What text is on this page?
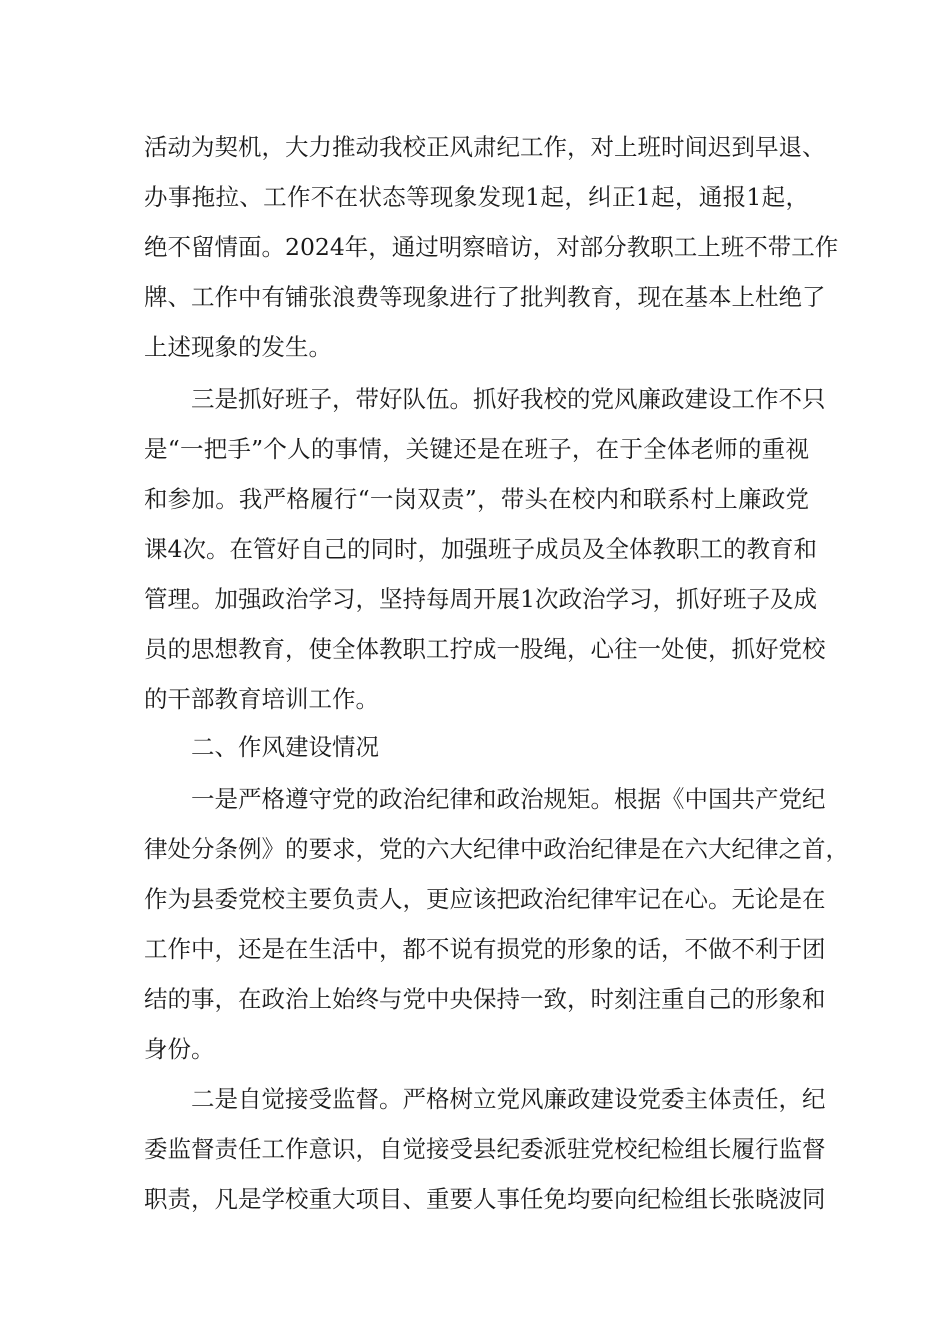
活动为契机，大力推动我校正风肃纪工作，对上班时间迟到早退、
办事拖拉、工作不在状态等现象发现1起，纠正1起，通报1起，
绝不留情面。2024年，通过明察暗访，对部分教职工上班不带工作
牌、工作中有铺张浪费等现象进行了批判教育，现在基本上杜绝了
上述现象的发生。
三是抓好班子，带好队伍。抓好我校的党风廉政建设工作不只
是“一把手”个人的事情，关键还是在班子，在于全体老师的重视
和参加。我严格履行“一岗双责”，带头在校内和联系村上廉政党
课4次。在管好自己的同时，加强班子成员及全体教职工的教育和
管理。加强政治学习，坚持每周开展1次政治学习，抓好班子及成
员的思想教育，使全体教职工拧成一股绳，心往一处使，抓好党校
的干部教育培训工作。
二、作风建设情况
一是严格遵守党的政治纪律和政治规矩。根据《中国共产党纪
律处分条例》的要求，党的六大纪律中政治纪律是在六大纪律之首，
作为县委党校主要负责人，更应该把政治纪律牢记在心。无论是在
工作中，还是在生活中，都不说有损党的形象的话，不做不利于团
结的事，在政治上始终与党中央保持一致，时刻注重自己的形象和
身份。
二是自觉接受监督。严格树立党风廉政建设党委主体责任，纪
委监督责任工作意识，自觉接受县纪委派驻党校纪检组长履行监督
职责，凡是学校重大项目、重要人事任免均要向纪检组长张晓波同
